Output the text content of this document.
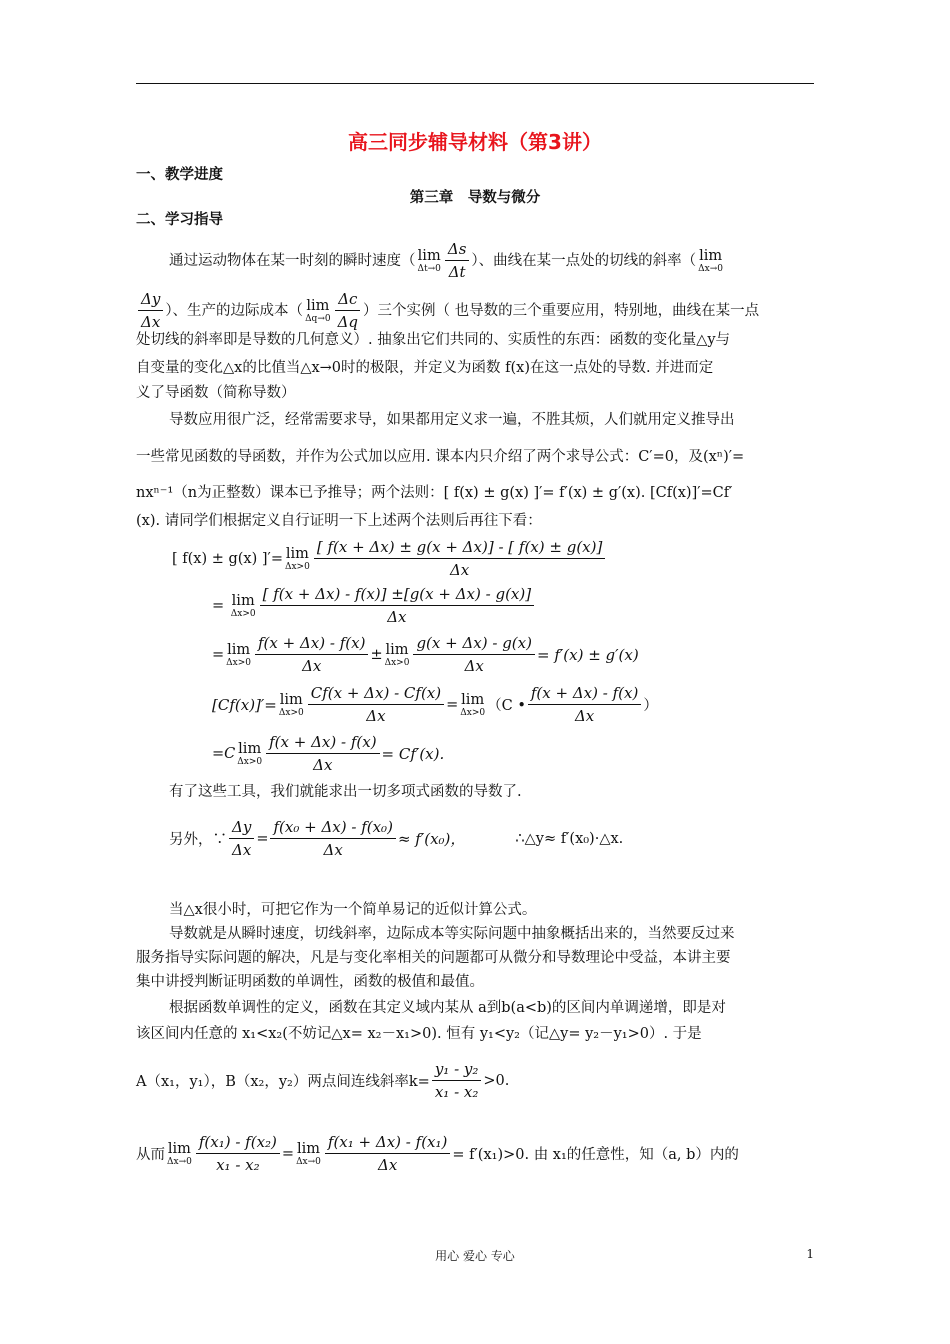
高三同步辅导材料（第3讲）
一、教学进度
第三章　导数与微分
二、学习指导
通过运动物体在某一时刻的瞬时速度（ lim
$\Delta t\to 0 \frac{\Delta s}{\Delta t}$ ）、曲线在某一点处的切线的斜率（ lim
Δx→0
$\frac{\Delta y}{\Delta x}$ ）、生产的边际成本（ lim
$\Delta q\to 0 \frac{\Delta c}{\Delta q}$ ）三个实例（ 也导数的三个重要应用，特别地，曲线在某一点
处切线的斜率即是导数的几何意义）. 抽象出它们共同的、实质性的东西：函数的变化量△y与
自变量的变化△x的比值当△x→0时的极限，并定义为函数 f(x)在这一点处的导数. 并进而定
义了导函数（简称导数）
导数应用很广泛，经常需要求导，如果都用定义求一遍，不胜其烦，人们就用定义推导出
一些常见函数的导函数，并作为公式加以应用. 课本内只介绍了两个求导公式：C′=0，及(xⁿ)′=
nxⁿ⁻¹（n为正整数）课本已予推导；两个法则：[ f(x) ± g(x) ]′= f′(x) ± g′(x). [Cf(x)]′=Cf′
(x). 请同学们根据定义自行证明一下上述两个法则后再往下看：
[ f(x) ± g(x) ]′= lim
$\Delta x>0 \frac{[ f(x + \Delta x) \pm g(x + \Delta x)] - [ f(x) \pm g(x)]}{\Delta x}$
= lim
$\Delta x>0 \frac{[ f(x + \Delta x) - f(x)] \pm[g(x + \Delta x) - g(x)]}{\Delta x}$
= lim
$\Delta x>0 \frac{f(x + \Delta x) - f(x)}{\Delta x} \pm \lim$
$\Delta x>0 \frac{g(x + \Delta x) - g(x)}{\Delta x} = f'(x) \pm g'(x)$
[Cf(x)]′= lim
$\Delta x>0 \frac{Cf(x + \Delta x) - Cf(x)}{\Delta x} = \lim$
Δx>0 （C • $\frac{f(x + \Delta x) - f(x)}{\Delta x}$ ）
=C lim
$\Delta x>0 \frac{f(x + \Delta x) - f(x)}{\Delta x} = Cf'(x)$.
有了这些工具，我们就能求出一切多项式函数的导数了.
另外，∵ $\frac{\Delta y}{\Delta x} = \frac{\text{f(x₀ + Δx) - f(x₀)}}{\Delta x} \approx f'(x_0)$，	∴△y≈ f′(x₀)·△x.
当△x很小时，可把它作为一个简单易记的近似计算公式。
导数就是从瞬时速度，切线斜率，边际成本等实际问题中抽象概括出来的，当然要反过来
服务指导实际问题的解决，凡是与变化率相关的问题都可从微分和导数理论中受益，本讲主要
集中讲授判断证明函数的单调性，函数的极值和最值。
根据函数单调性的定义，函数在其定义域内某从 a到b(a<b)的区间内单调递增，即是对
该区间内任意的 x₁<x₂(不妨记△x= x₂－x₁>0). 恒有 y₁<y₂（记△y= y₂－y₁>0）. 于是
A（x₁，y₁），B（x₂，y₂）两点间连线斜率$k= \frac{\text{y₁ - y₂}}{\text{x₁ - x₂}} >0$.
从而 lim
$\Delta x\to 0 \frac{\text{f(x₁) - f(x₂)}}{\text{x₁ - x₂}} = \lim$
$\Delta x\to 0 \frac{\text{f(x₁ + Δx) - f(x₁)}}{\Delta x} = f'(x_1)>0$. 由 x₁的任意性，知（a, b）内的
用心 爱心 专心	1
